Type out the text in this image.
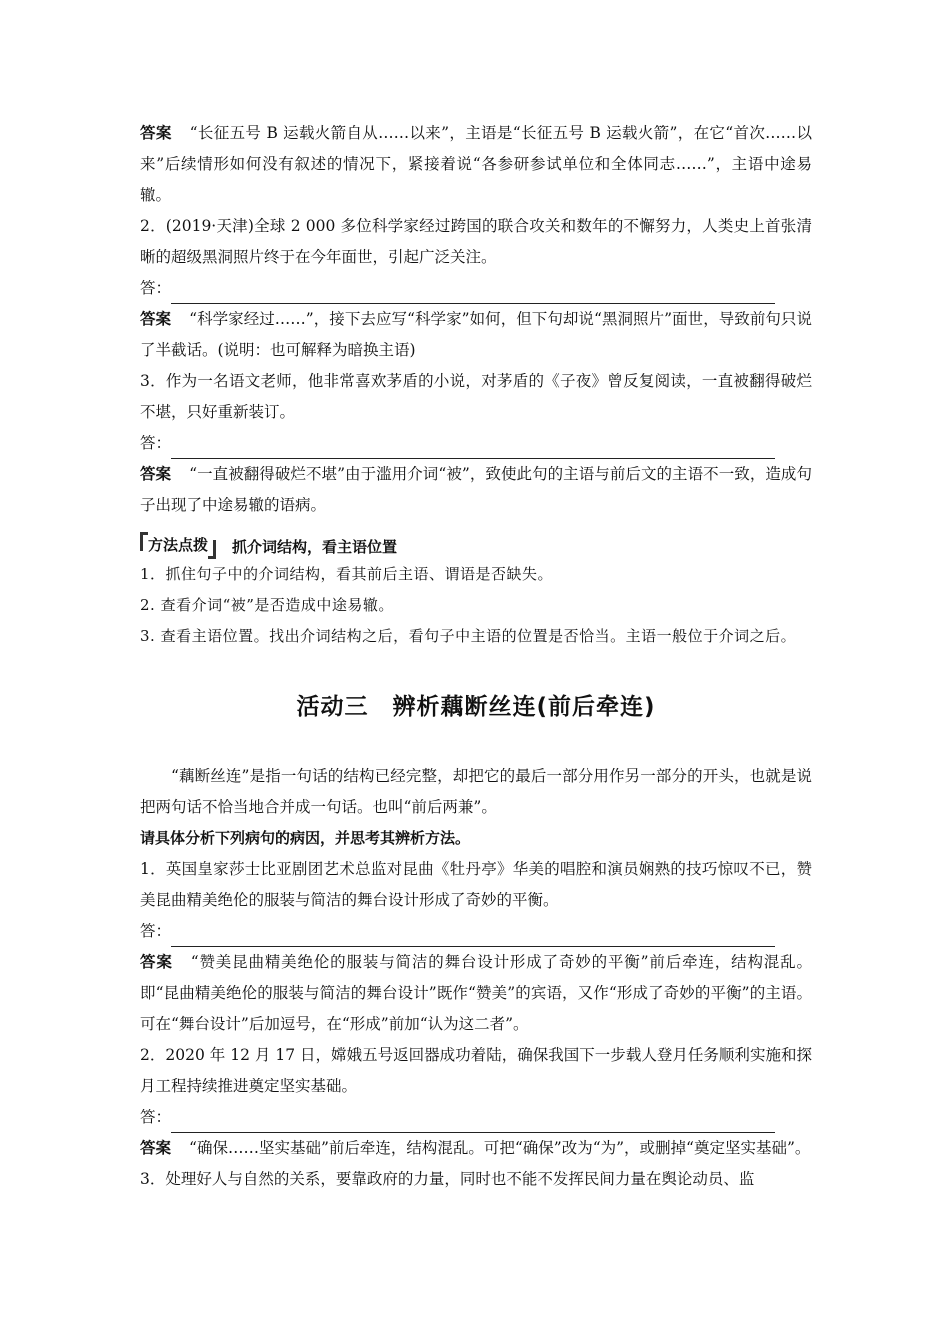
答案 “长征五号 B 运载火箭自从……以来”，主语是“长征五号 B 运载火箭”，在它“首次……以来”后续情形如何没有叙述的情况下，紧接着说“各参研参试单位和全体同志……”，主语中途易辙。

2．(2019·天津)全球 2 000 多位科学家经过跨国的联合攻关和数年的不懈努力，人类史上首张清晰的超级黑洞照片终于在今年面世，引起广泛关注。

答：

答案 “科学家经过……”，接下去应写“科学家”如何，但下句却说“黑洞照片”面世，导致前句只说了半截话。(说明：也可解释为暗换主语)

3．作为一名语文老师，他非常喜欢茅盾的小说，对茅盾的《子夜》曾反复阅读，一直被翻得破烂不堪，只好重新装订。

答：

答案 “一直被翻得破烂不堪”由于滥用介词“被”，致使此句的主语与前后文的主语不一致，造成句子出现了中途易辙的语病。

方法点拨 抓介词结构，看主语位置

1．抓住句子中的介词结构，看其前后主语、谓语是否缺失。

2. 查看介词“被”是否造成中途易辙。

3. 查看主语位置。找出介词结构之后，看句子中主语的位置是否恰当。主语一般位于介词之后。

活动三　辨析藕断丝连(前后牵连)

“藕断丝连”是指一句话的结构已经完整，却把它的最后一部分用作另一部分的开头，也就是说把两句话不恰当地合并成一句话。也叫“前后两兼”。

请具体分析下列病句的病因，并思考其辨析方法。

1．英国皇家莎士比亚剧团艺术总监对昆曲《牡丹亭》华美的唱腔和演员娴熟的技巧惊叹不已，赞美昆曲精美绝伦的服装与简洁的舞台设计形成了奇妙的平衡。

答：

答案 “赞美昆曲精美绝伦的服装与简洁的舞台设计形成了奇妙的平衡”前后牵连，结构混乱。即“昆曲精美绝伦的服装与简洁的舞台设计”既作“赞美”的宾语，又作“形成了奇妙的平衡”的主语。可在“舞台设计”后加逗号，在“形成”前加“认为这二者”。

2．2020 年 12 月 17 日，嫦娥五号返回器成功着陆，确保我国下一步载人登月任务顺利实施和探月工程持续推进奠定坚实基础。

答：

答案 “确保……坚实基础”前后牵连，结构混乱。可把“确保”改为“为”，或删掉“奠定坚实基础”。

3．处理好人与自然的关系，要靠政府的力量，同时也不能不发挥民间力量在舆论动员、监
